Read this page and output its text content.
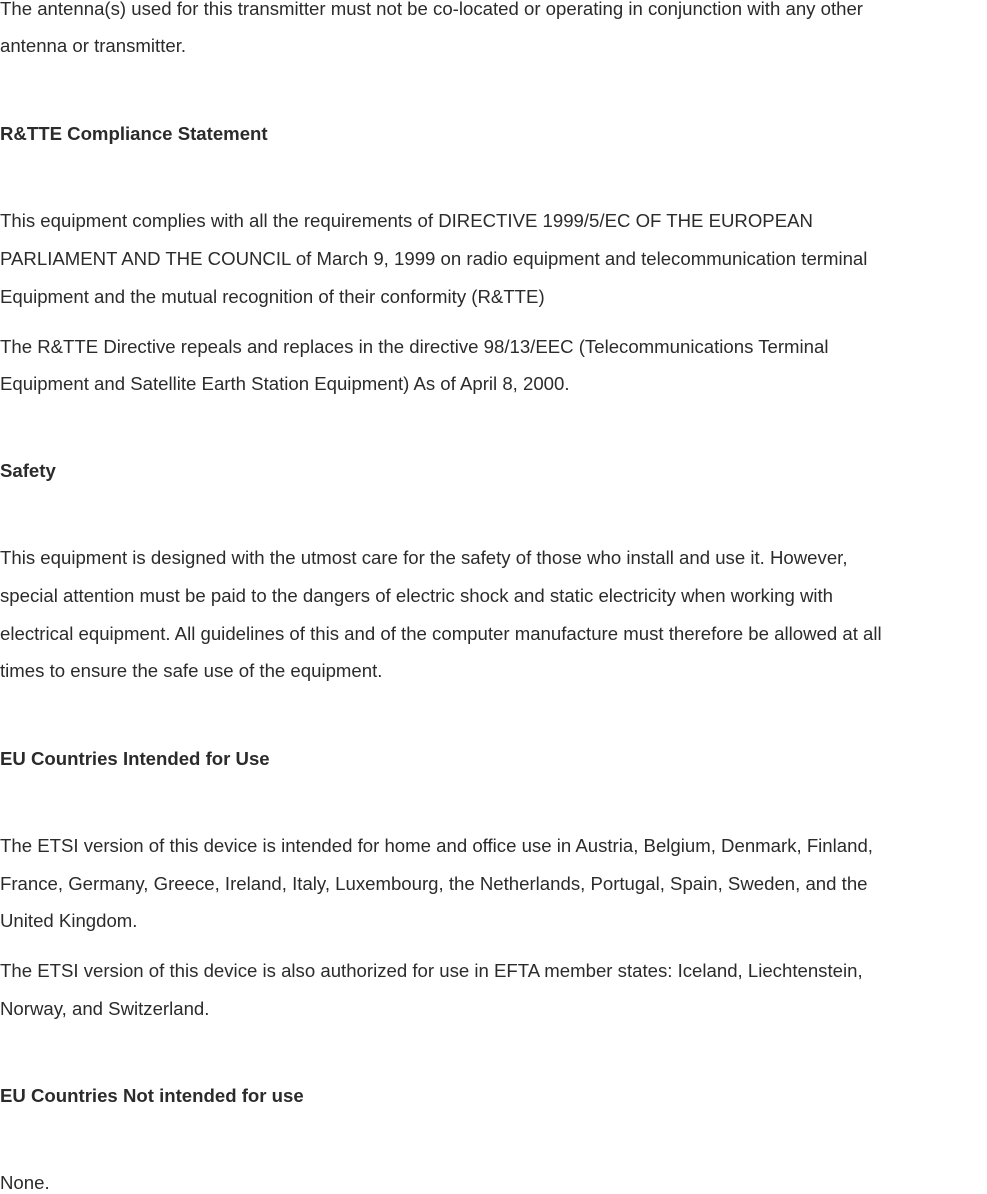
The antenna(s) used for this transmitter must not be co-located or operating in conjunction with any other

antenna or transmitter.

R&TTE Compliance Statement

This equipment complies with all the requirements of DIRECTIVE 1999/5/EC OF THE EUROPEAN

PARLIAMENT AND THE COUNCIL of March 9, 1999 on radio equipment and telecommunication terminal

Equipment and the mutual recognition of their conformity (R&TTE)

The R&TTE Directive repeals and replaces in the directive 98/13/EEC (Telecommunications Terminal

Equipment and Satellite Earth Station Equipment) As of April 8, 2000.

Safety

This equipment is designed with the utmost care for the safety of those who install and use it. However,

special attention must be paid to the dangers of electric shock and static electricity when working with

electrical equipment. All guidelines of this and of the computer manufacture must therefore be allowed at all

times to ensure the safe use of the equipment.

EU Countries Intended for Use

The ETSI version of this device is intended for home and office use in Austria, Belgium, Denmark, Finland,

France, Germany, Greece, Ireland, Italy, Luxembourg, the Netherlands, Portugal, Spain, Sweden, and the

United Kingdom.

The ETSI version of this device is also authorized for use in EFTA member states: Iceland, Liechtenstein,

Norway, and Switzerland.

EU Countries Not intended for use

None.
